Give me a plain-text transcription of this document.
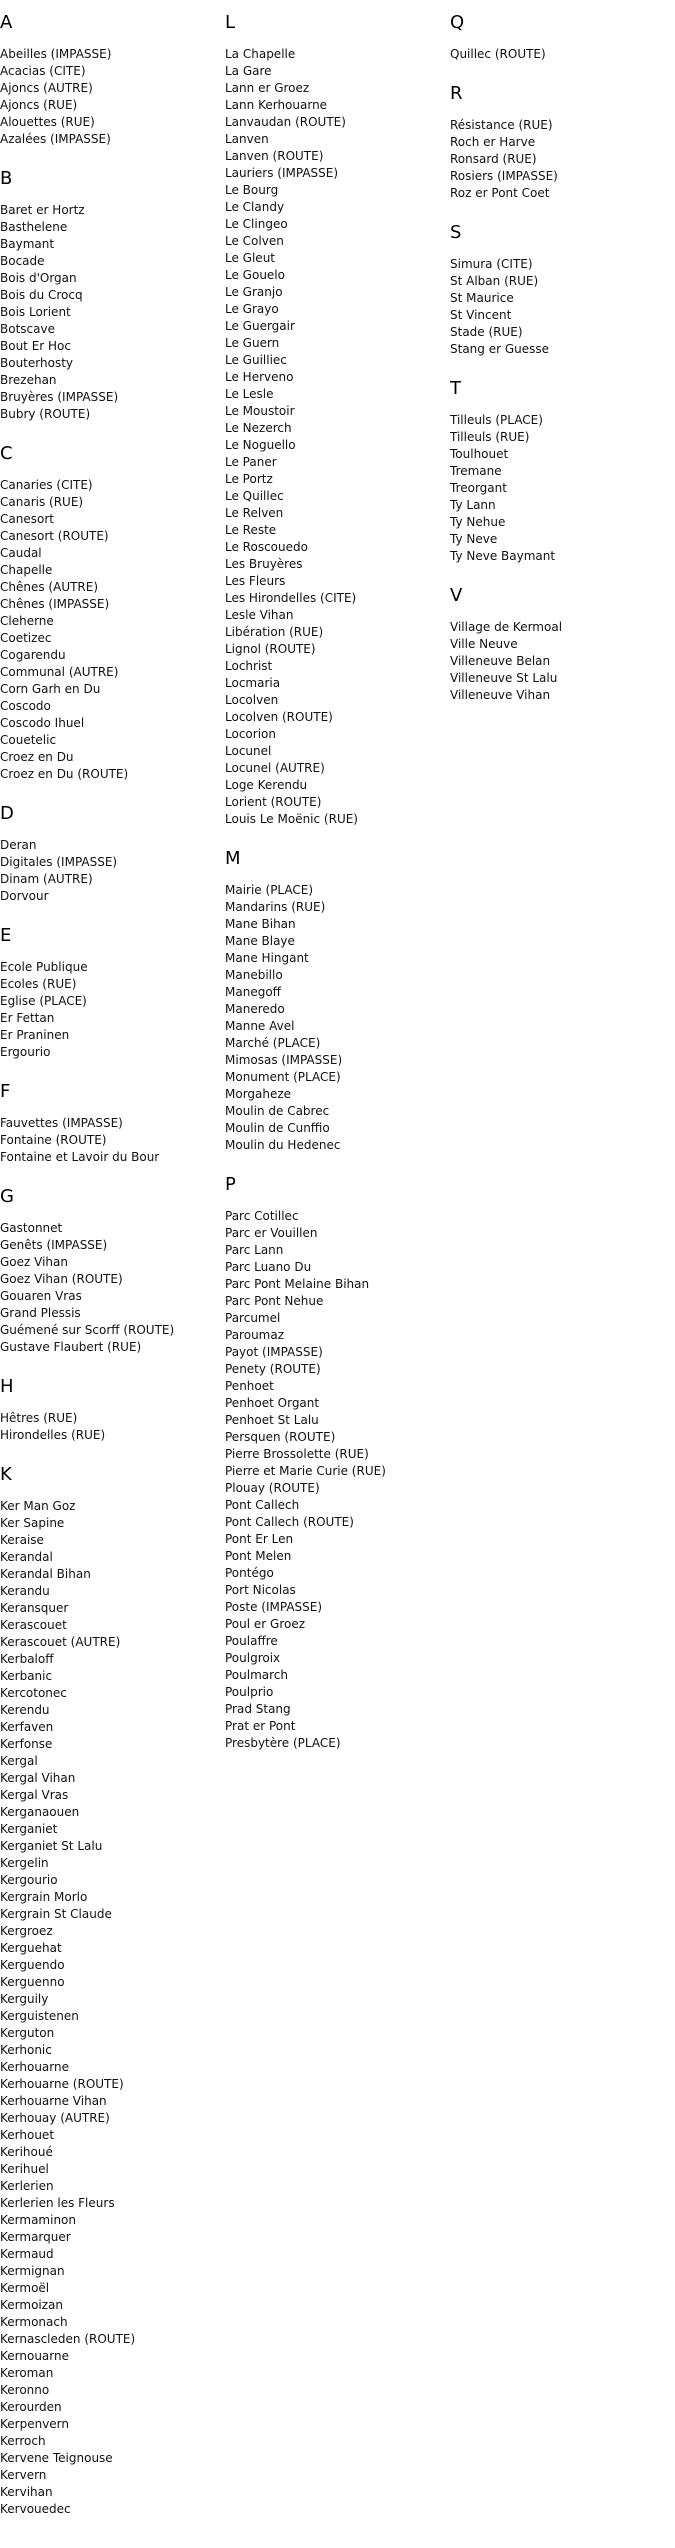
A
Abeilles (IMPASSE)
Acacias (CITE)
Ajoncs (AUTRE)
Ajoncs (RUE)
Alouettes (RUE)
Azalées (IMPASSE)
B
Baret er Hortz
Basthelene
Baymant
Bocade
Bois d'Organ
Bois du Crocq
Bois Lorient
Botscave
Bout Er Hoc
Bouterhosty
Brezehan
Bruyères (IMPASSE)
Bubry (ROUTE)
C
Canaries (CITE)
Canaris (RUE)
Canesort
Canesort (ROUTE)
Caudal
Chapelle
Chênes (AUTRE)
Chênes (IMPASSE)
Cleherne
Coetizec
Cogarendu
Communal (AUTRE)
Corn Garh en Du
Coscodo
Coscodo Ihuel
Couetelic
Croez en Du
Croez en Du (ROUTE)
D
Deran
Digitales (IMPASSE)
Dinam (AUTRE)
Dorvour
E
Ecole Publique
Ecoles (RUE)
Eglise (PLACE)
Er Fettan
Er Praninen
Ergourio
F
Fauvettes (IMPASSE)
Fontaine (ROUTE)
Fontaine et Lavoir du Bour
G
Gastonnet
Genêts (IMPASSE)
Goez Vihan
Goez Vihan (ROUTE)
Gouaren Vras
Grand Plessis
Guémené sur Scorff (ROUTE)
Gustave Flaubert (RUE)
H
Hêtres (RUE)
Hirondelles (RUE)
K
Ker Man Goz
Ker Sapine
Keraise
Kerandal
Kerandal Bihan
Kerandu
Keransquer
Kerascouet
Kerascouet (AUTRE)
Kerbaloff
Kerbanic
Kercotonec
Kerendu
Kerfaven
Kerfonse
Kergal
Kergal Vihan
Kergal Vras
Kerganaouen
Kerganiet
Kerganiet St Lalu
Kergelin
Kergourio
Kergrain Morlo
Kergrain St Claude
Kergroez
Kerguehat
Kerguendo
Kerguenno
Kerguily
Kerguistenen
Kerguton
Kerhonic
Kerhouarne
Kerhouarne (ROUTE)
Kerhouarne Vihan
Kerhouay (AUTRE)
Kerhouet
Kerihoué
Kerihuel
Kerlerien
Kerlerien les Fleurs
Kermaminon
Kermarquer
Kermaud
Kermignan
Kermoël
Kermoizan
Kermonach
Kernascleden (ROUTE)
Kernouarne
Keroman
Keronno
Kerourden
Kerpenvern
Kerroch
Kervene Teignouse
Kervern
Kervihan
Kervouedec
L
La Chapelle
La Gare
Lann er Groez
Lann Kerhouarne
Lanvaudan (ROUTE)
Lanven
Lanven (ROUTE)
Lauriers (IMPASSE)
Le Bourg
Le Clandy
Le Clingeo
Le Colven
Le Gleut
Le Gouelo
Le Granjo
Le Grayo
Le Guergair
Le Guern
Le Guilliec
Le Herveno
Le Lesle
Le Moustoir
Le Nezerch
Le Noguello
Le Paner
Le Portz
Le Quillec
Le Relven
Le Reste
Le Roscouedo
Les Bruyères
Les Fleurs
Les Hirondelles (CITE)
Lesle Vihan
Libération (RUE)
Lignol (ROUTE)
Lochrist
Locmaria
Locolven
Locolven (ROUTE)
Locorion
Locunel
Locunel (AUTRE)
Loge Kerendu
Lorient (ROUTE)
Louis Le Moënic (RUE)
M
Mairie (PLACE)
Mandarins (RUE)
Mane Bihan
Mane Blaye
Mane Hingant
Manebillo
Manegoff
Maneredo
Manne Avel
Marché (PLACE)
Mimosas (IMPASSE)
Monument (PLACE)
Morgaheze
Moulin de Cabrec
Moulin de Cunffio
Moulin du Hedenec
P
Parc Cotillec
Parc er Vouillen
Parc Lann
Parc Luano Du
Parc Pont Melaine Bihan
Parc Pont Nehue
Parcumel
Paroumaz
Payot (IMPASSE)
Penety (ROUTE)
Penhoet
Penhoet Organt
Penhoet St Lalu
Persquen (ROUTE)
Pierre Brossolette (RUE)
Pierre et Marie Curie (RUE)
Plouay (ROUTE)
Pont Callech
Pont Callech (ROUTE)
Pont Er Len
Pont Melen
Pontégo
Port Nicolas
Poste (IMPASSE)
Poul er Groez
Poulaffre
Poulgroix
Poulmarch
Poulprio
Prad Stang
Prat er Pont
Presbytère (PLACE)
Q
Quillec (ROUTE)
R
Résistance (RUE)
Roch er Harve
Ronsard (RUE)
Rosiers (IMPASSE)
Roz er Pont Coet
S
Simura (CITE)
St Alban (RUE)
St Maurice
St Vincent
Stade (RUE)
Stang er Guesse
T
Tilleuls (PLACE)
Tilleuls (RUE)
Toulhouet
Tremane
Treorgant
Ty Lann
Ty Nehue
Ty Neve
Ty Neve Baymant
V
Village de Kermoal
Ville Neuve
Villeneuve Belan
Villeneuve St Lalu
Villeneuve Vihan
